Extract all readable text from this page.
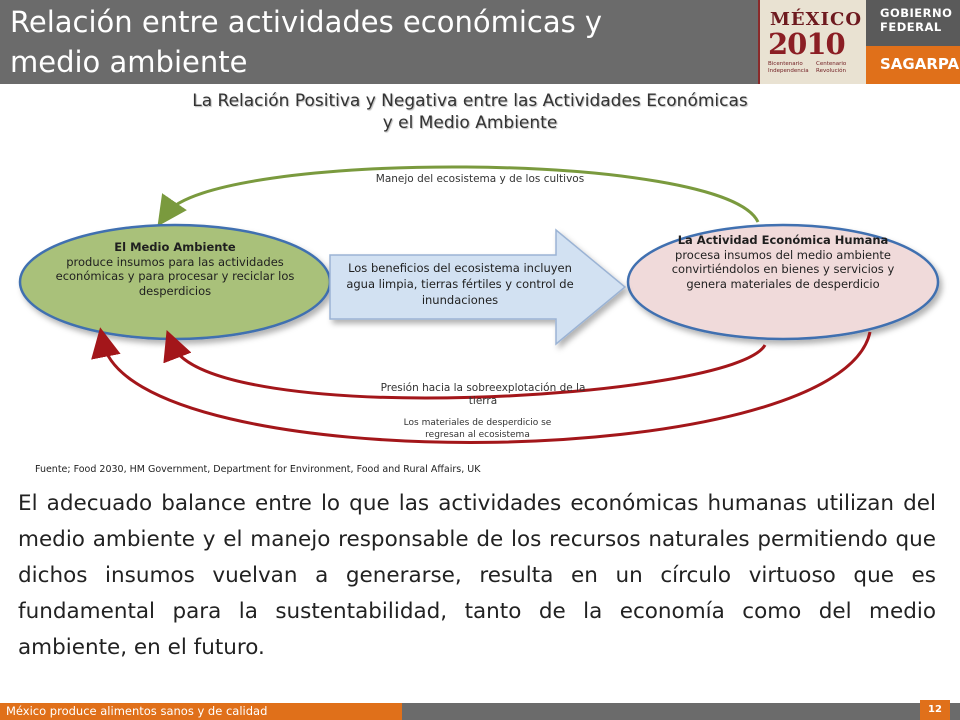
Relación entre actividades económicas y
medio ambiente
MÉXICO
2010
Bicentenario Independencia
Centenario Revolución
GOBIERNO
FEDERAL
SAGARPA
La Relación Positiva y Negativa entre las Actividades Económicas
y el Medio Ambiente
El Medio Ambiente
produce insumos para las actividades económicas y para procesar y reciclar los desperdicios
La Actividad Económica Humana
procesa insumos del medio ambiente convirtiéndolos en bienes y servicios y genera materiales de desperdicio
Los beneficios del ecosistema incluyen agua limpia, tierras fértiles y control de inundaciones
Manejo del ecosistema y de los cultivos
Presión hacia la sobreexplotación de la tierra
Los materiales de desperdicio se regresan al ecosistema
Fuente; Food 2030, HM Government, Department for Environment, Food and Rural Affairs, UK
El adecuado balance entre lo que las actividades económicas humanas utilizan del medio ambiente y el manejo responsable de los recursos naturales permitiendo que dichos insumos vuelvan a generarse, resulta en un círculo virtuoso que es fundamental para la sustentabilidad, tanto de la economía como del medio ambiente, en el futuro.
México produce alimentos sanos y de calidad	12
